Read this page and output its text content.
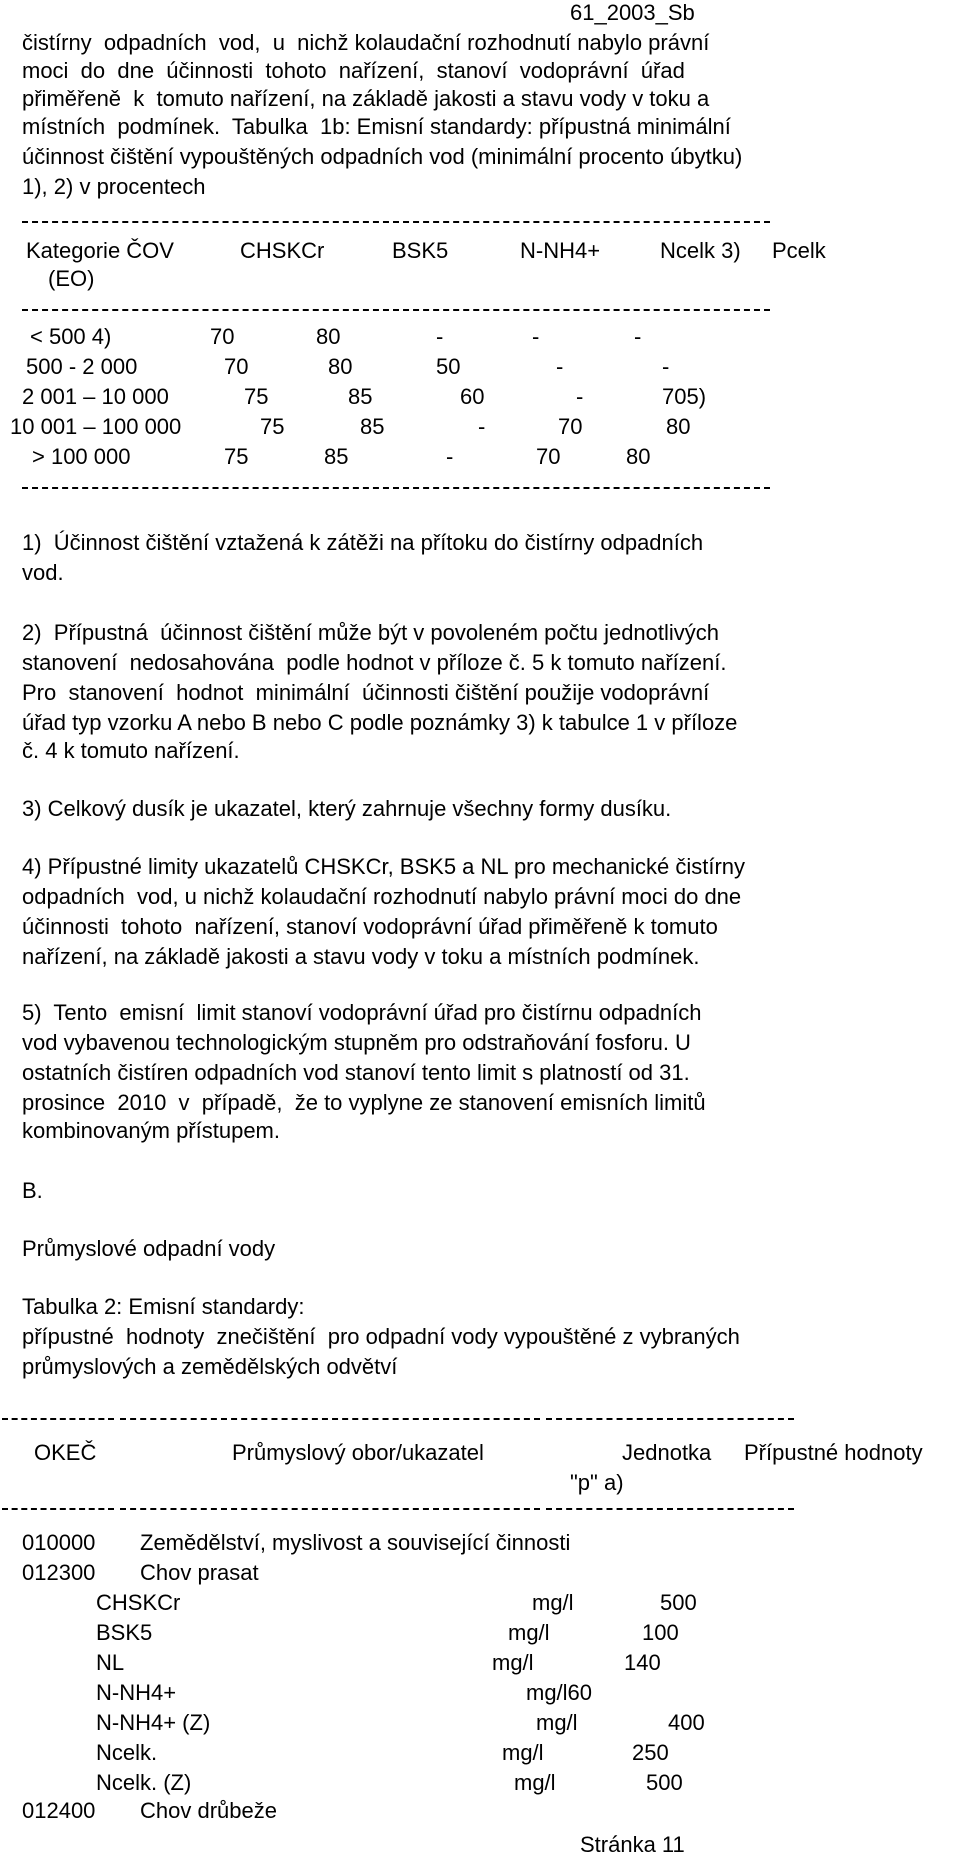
61_2003_Sb
čistírny  odpadních  vod,  u  nichž kolaudační rozhodnutí nabylo právní
moci  do  dne  účinnosti  tohoto  nařízení,  stanoví  vodoprávní  úřad
přiměřeně  k  tomuto nařízení, na základě jakosti a stavu vody v toku a
místních  podmínek.  Tabulka  1b: Emisní standardy: přípustná minimální
účinnost čištění vypouštěných odpadních vod (minimální procento úbytku)
1), 2) v procentech
Kategorie ČOV	CHSKCr	BSK5	N-NH4+	Ncelk 3) Pcelk
(EO)
< 500 4)	70	80	-	-	-
500 - 2 000	70	80	50	-	-
2 001 – 10 000	75	85	60	-	705)
10 001 – 100 000	75	85	-	70	80
> 100 000	75	85	-	70	80
1)  Účinnost čištění vztažená k zátěži na přítoku do čistírny odpadních
vod.
2)  Přípustná  účinnost čištění může být v povoleném počtu jednotlivých
stanovení  nedosahována  podle hodnot v příloze č. 5 k tomuto nařízení.
Pro  stanovení  hodnot  minimální  účinnosti čištění použije vodoprávní
úřad typ vzorku A nebo B nebo C podle poznámky 3) k tabulce 1 v příloze
č. 4 k tomuto nařízení.
3) Celkový dusík je ukazatel, který zahrnuje všechny formy dusíku.
4) Přípustné limity ukazatelů CHSKCr, BSK5 a NL pro mechanické čistírny
odpadních  vod, u nichž kolaudační rozhodnutí nabylo právní moci do dne
účinnosti  tohoto  nařízení, stanoví vodoprávní úřad přiměřeně k tomuto
nařízení, na základě jakosti a stavu vody v toku a místních podmínek.
5)  Tento  emisní  limit stanoví vodoprávní úřad pro čistírnu odpadních
vod vybavenou technologickým stupněm pro odstraňování fosforu. U
ostatních čistíren odpadních vod stanoví tento limit s platností od 31.
prosince  2010  v  případě,  že to vyplyne ze stanovení emisních limitů
kombinovaným přístupem.
B.
Průmyslové odpadní vody
Tabulka 2: Emisní standardy:
přípustné  hodnoty  znečištění  pro odpadní vody vypouštěné z vybraných
průmyslových a zemědělských odvětví
OKEČ	Průmyslový obor/ukazatel	Jednotka Přípustné hodnoty
"p" a)
010000 Zemědělství, myslivost a související činnosti
012300 Chov prasat
CHSKCr	mg/l	500
BSK5	mg/l	100
NL	mg/l	140
N-NH4+	mg/l60
N-NH4+ (Z)	mg/l	400
Ncelk.	mg/l	250
Ncelk. (Z)	mg/l	500
012400 Chov drůbeže
Stránka 11
